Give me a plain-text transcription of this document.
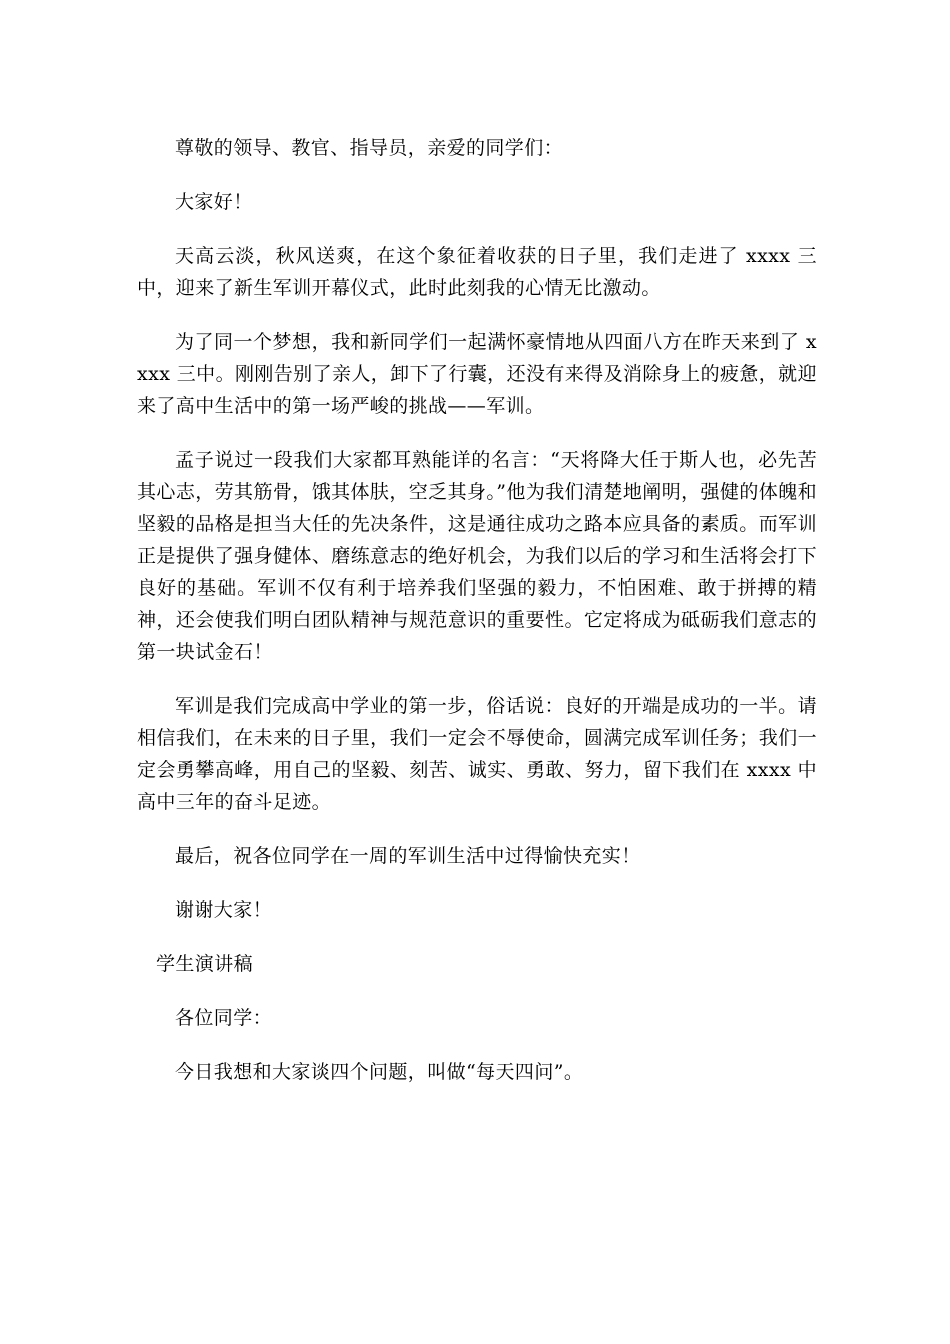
尊敬的领导、教官、指导员，亲爱的同学们：

大家好！

天高云淡，秋风送爽，在这个象征着收获的日子里，我们走进了 xxxx 三中，迎来了新生军训开幕仪式，此时此刻我的心情无比激动。

为了同一个梦想，我和新同学们一起满怀豪情地从四面八方在昨天来到了 xxxx 三中。刚刚告别了亲人，卸下了行囊，还没有来得及消除身上的疲惫，就迎来了高中生活中的第一场严峻的挑战——军训。

孟子说过一段我们大家都耳熟能详的名言：“天将降大任于斯人也，必先苦其心志，劳其筋骨，饿其体肤，空乏其身。”他为我们清楚地阐明，强健的体魄和坚毅的品格是担当大任的先决条件，这是通往成功之路本应具备的素质。而军训正是提供了强身健体、磨练意志的绝好机会，为我们以后的学习和生活将会打下良好的基础。军训不仅有利于培养我们坚强的毅力，不怕困难、敢于拼搏的精神，还会使我们明白团队精神与规范意识的重要性。它定将成为砥砺我们意志的第一块试金石！

军训是我们完成高中学业的第一步，俗话说：良好的开端是成功的一半。请相信我们，在未来的日子里，我们一定会不辱使命，圆满完成军训任务；我们一定会勇攀高峰，用自己的坚毅、刻苦、诚实、勇敢、努力，留下我们在 xxxx 中高中三年的奋斗足迹。

最后，祝各位同学在一周的军训生活中过得愉快充实！

谢谢大家！

学生演讲稿

各位同学：

今日我想和大家谈四个问题，叫做“每天四问”。
